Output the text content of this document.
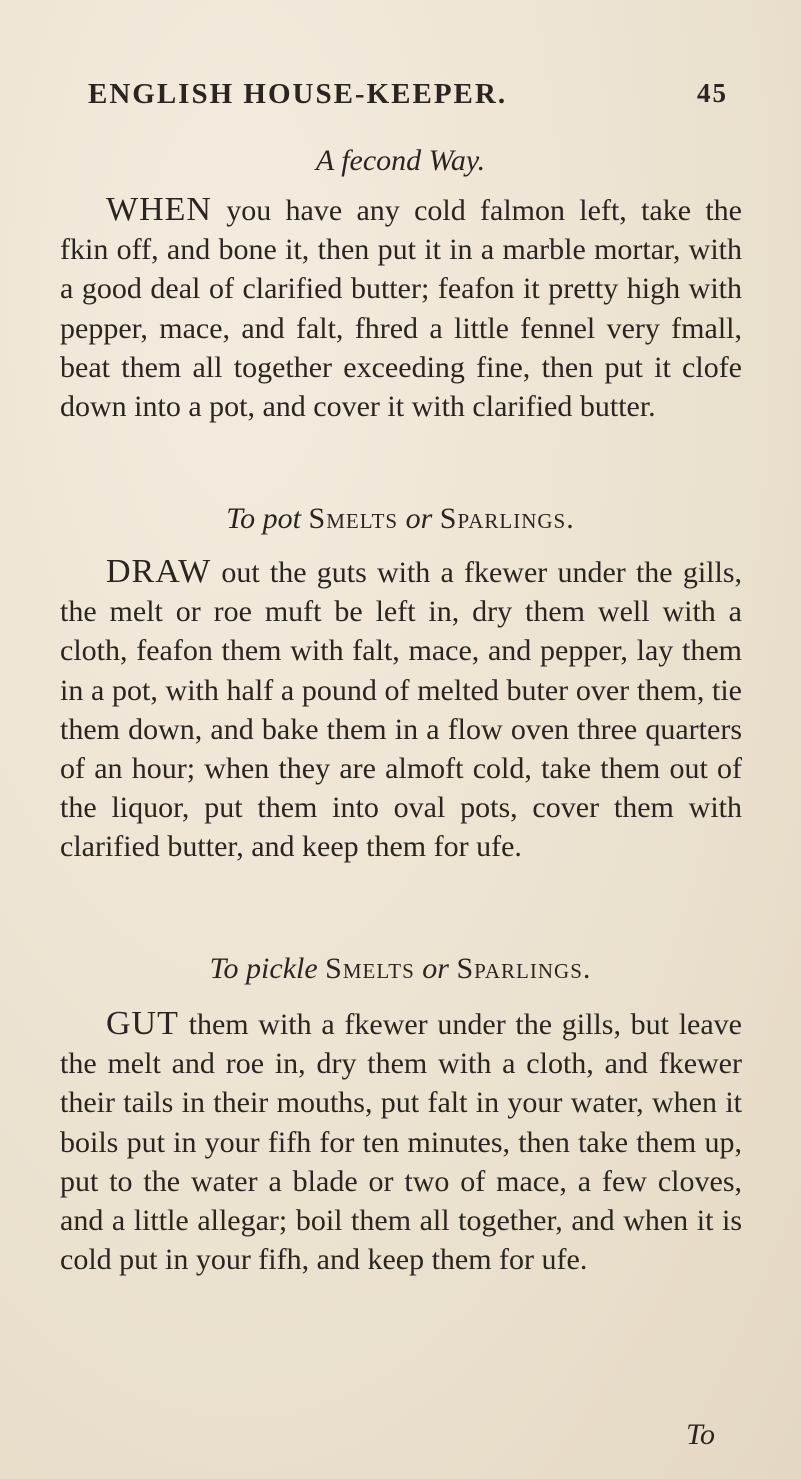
ENGLISH HOUSE-KEEPER.	45
A fecond Way.

WHEN you have any cold falmon left, take the fkin off, and bone it, then put it in a marble mortar, with a good deal of clarified butter; feafon it pretty high with pepper, mace, and falt, fhred a little fennel very fmall, beat them all together exceeding fine, then put it clofe down into a pot, and cover it with clarified butter.

To pot Smelts or Sparlings.

DRAW out the guts with a fkewer under the gills, the melt or roe muft be left in, dry them well with a cloth, feafon them with falt, mace, and pepper, lay them in a pot, with half a pound of melted buter over them, tie them down, and bake them in a flow oven three quarters of an hour; when they are almoft cold, take them out of the liquor, put them into oval pots, cover them with clarified butter, and keep them for ufe.

To pickle Smelts or Sparlings.

GUT them with a fkewer under the gills, but leave the melt and roe in, dry them with a cloth, and fkewer their tails in their mouths, put falt in your water, when it boils put in your fifh for ten minutes, then take them up, put to the water a blade or two of mace, a few cloves, and a little allegar; boil them all together, and when it is cold put in your fifh, and keep them for ufe.

To
